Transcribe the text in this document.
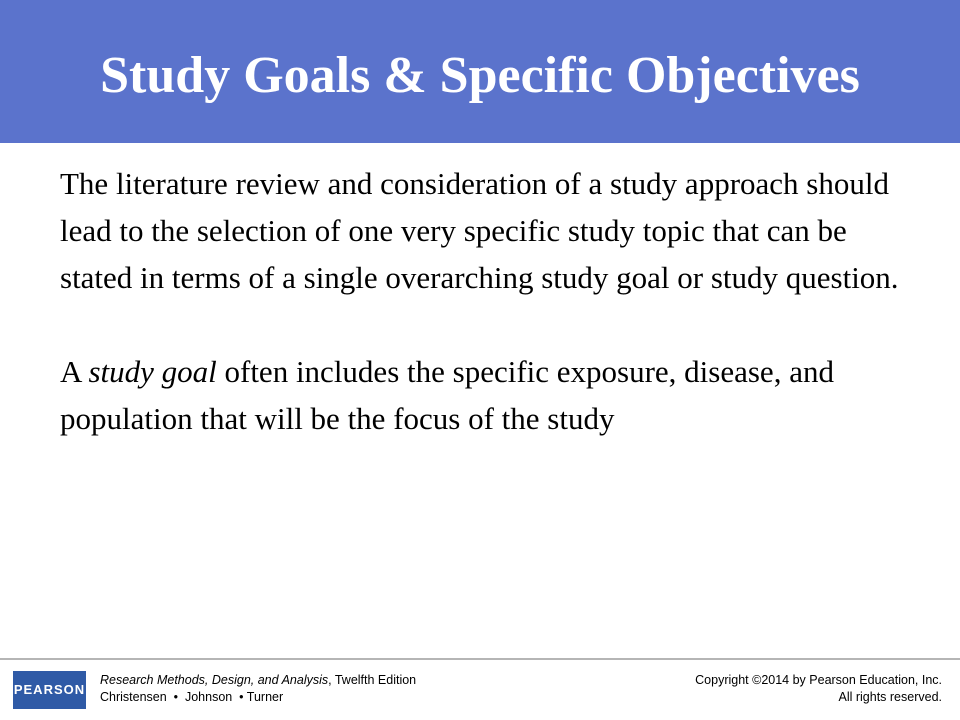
Study Goals & Specific Objectives

The literature review and consideration of a study approach should lead to the selection of one very specific study topic that can be stated in terms of a single overarching study goal or study question.

A study goal often includes the specific exposure, disease, and population that will be the focus of the study

PEARSON
Research Methods, Design, and Analysis, Twelfth Edition
Christensen  •  Johnson  • Turner
Copyright ©2014 by Pearson Education, Inc.
All rights reserved.
